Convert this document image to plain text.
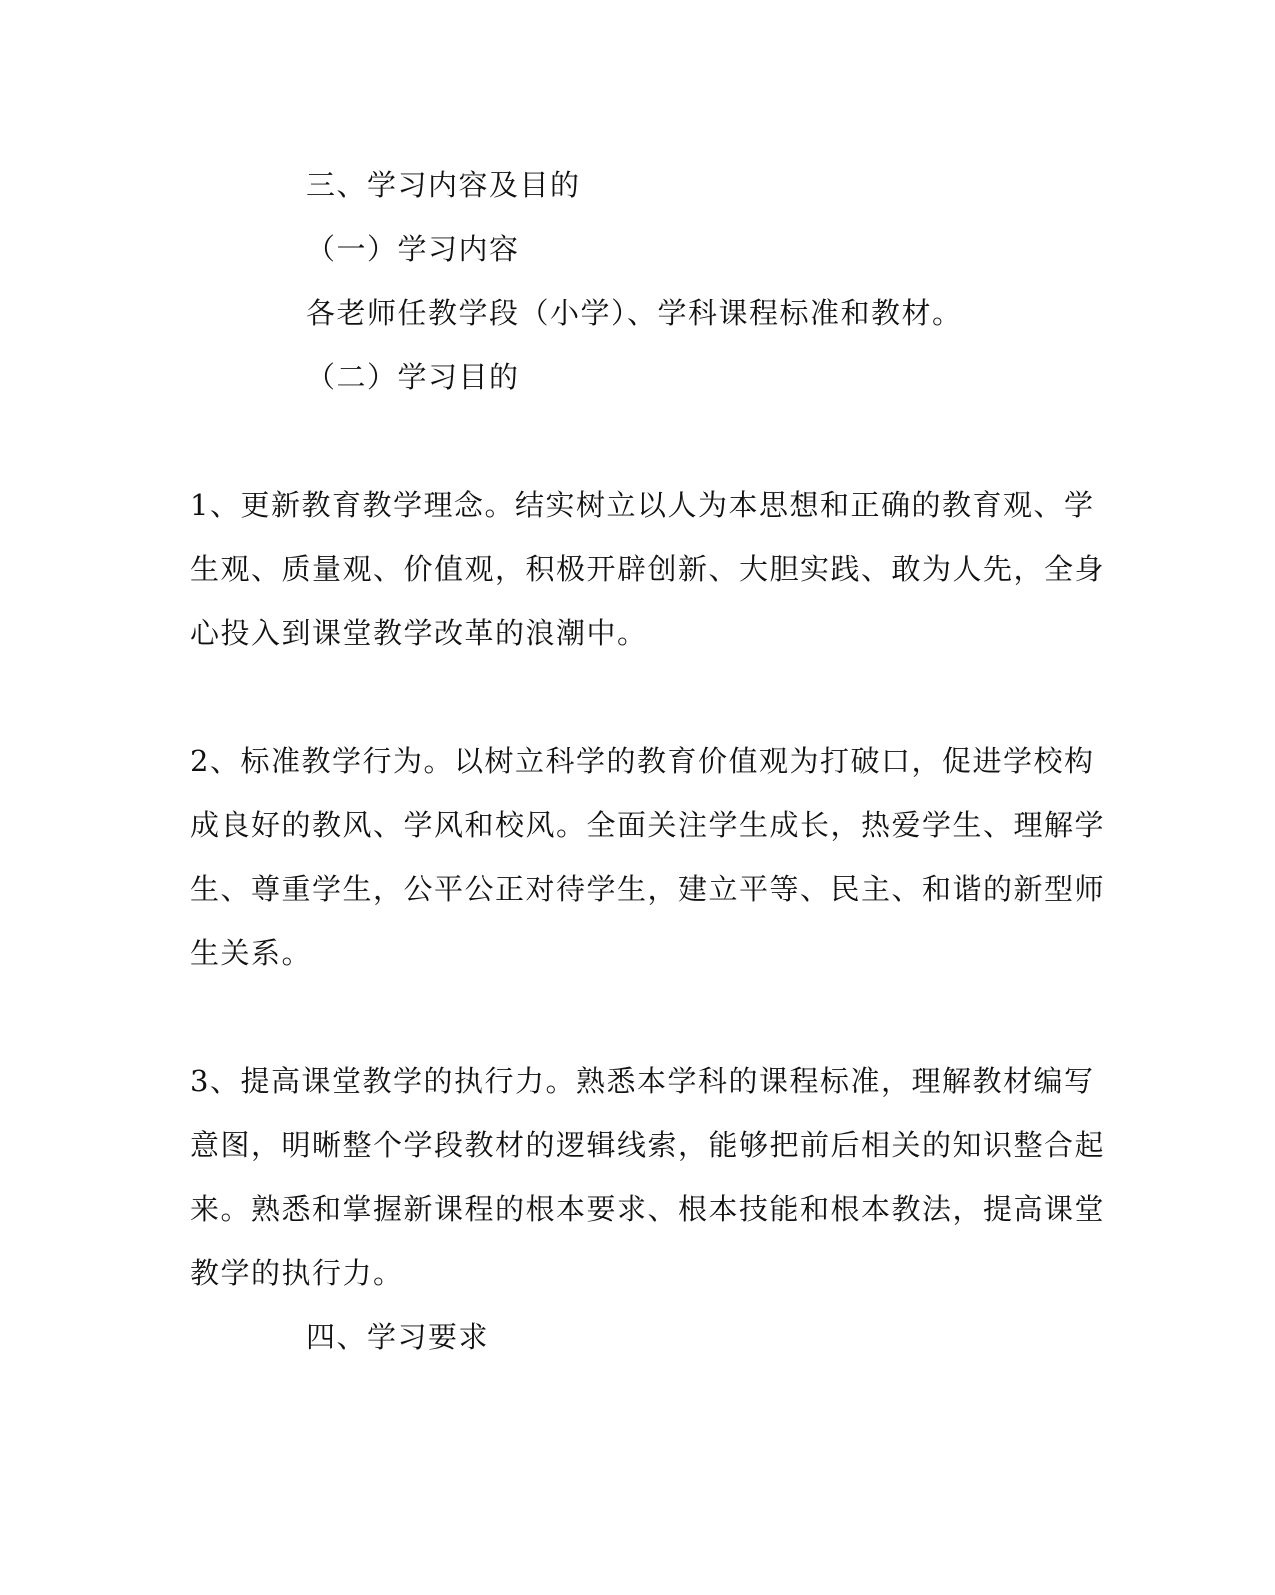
三、学习内容及目的
（一）学习内容
各老师任教学段（小学）、学科课程标准和教材。
（二）学习目的
1、更新教育教学理念。结实树立以人为本思想和正确的教育观、学
生观、质量观、价值观，积极开辟创新、大胆实践、敢为人先，全身
心投入到课堂教学改革的浪潮中。
2、标准教学行为。以树立科学的教育价值观为打破口，促进学校构
成良好的教风、学风和校风。全面关注学生成长，热爱学生、理解学
生、尊重学生，公平公正对待学生，建立平等、民主、和谐的新型师
生关系。
3、提高课堂教学的执行力。熟悉本学科的课程标准，理解教材编写
意图，明晰整个学段教材的逻辑线索，能够把前后相关的知识整合起
来。熟悉和掌握新课程的根本要求、根本技能和根本教法，提高课堂
教学的执行力。
四、学习要求
